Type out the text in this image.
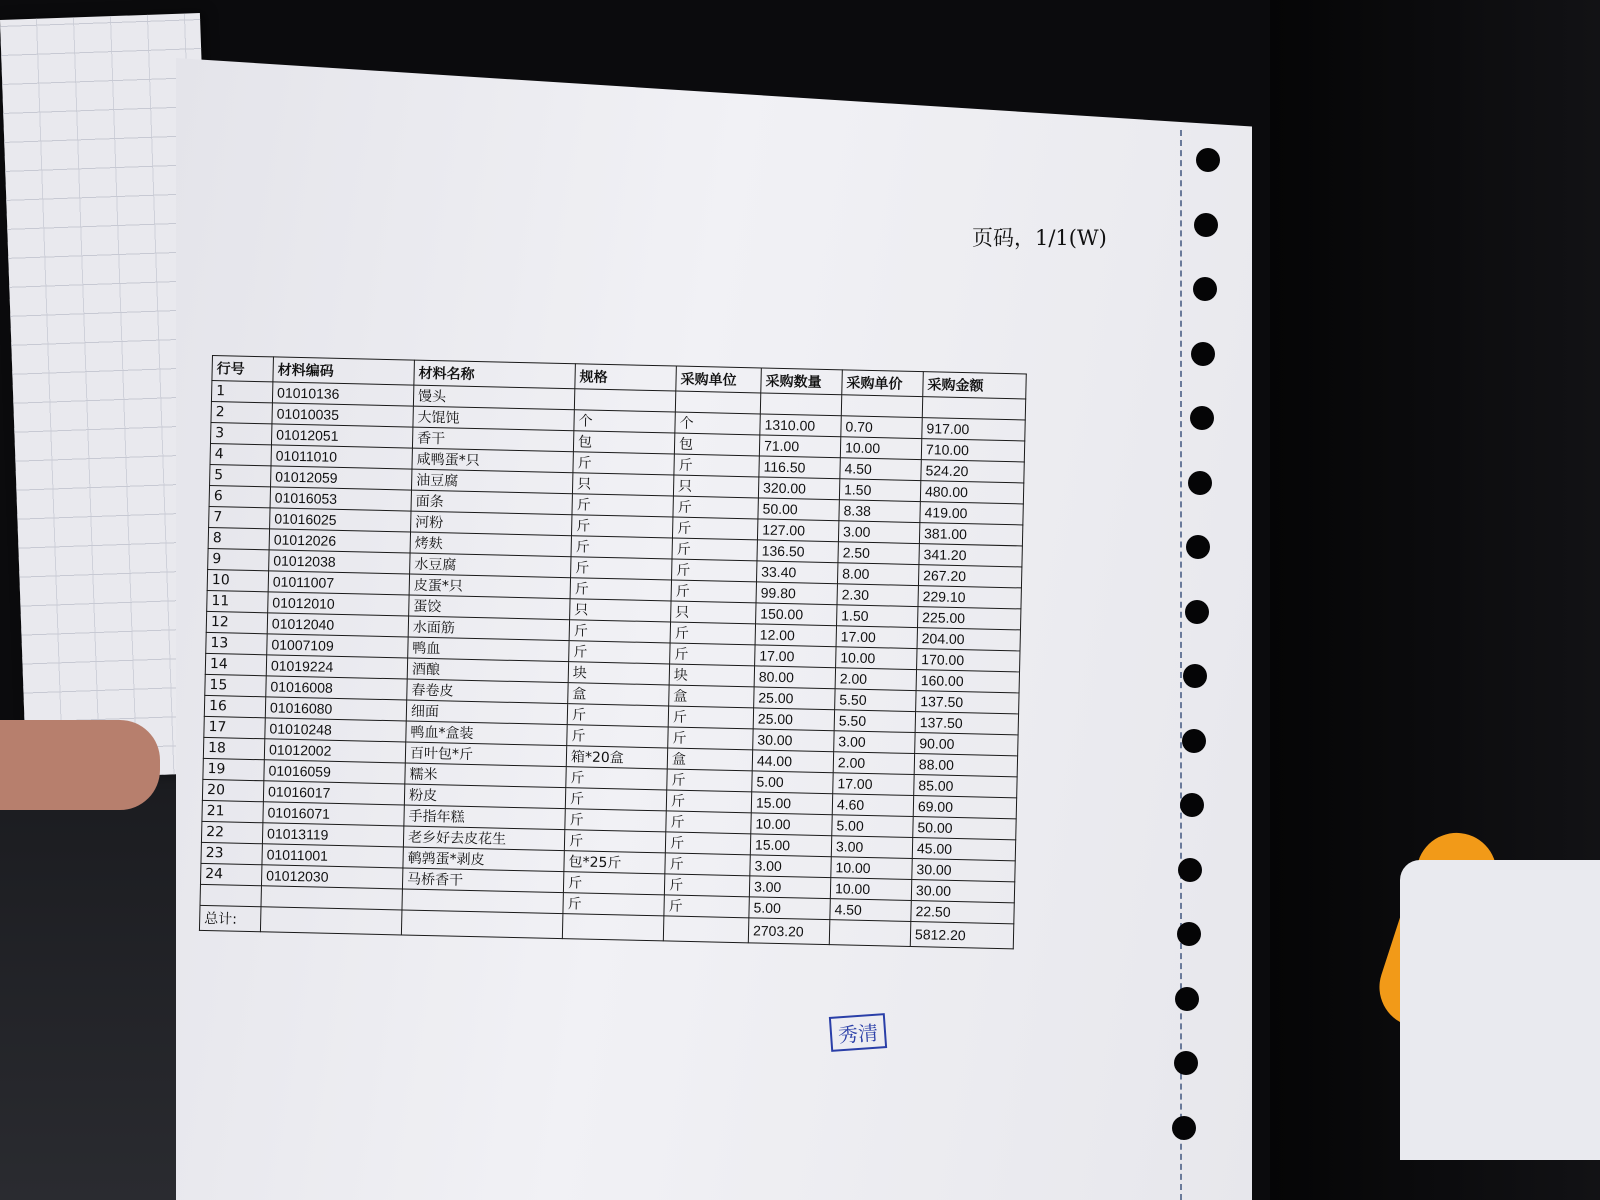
页码，1/1(W)
行号	材料编码	材料名称	规格	采购单位	采购数量	采购单价	采购金额
1	01010136	馒头					
2	01010035	大馄饨	个	个	1310.00	0.70	917.00
3	01012051	香干	包	包	71.00	10.00	710.00
4	01011010	咸鸭蛋*只	斤	斤	116.50	4.50	524.20
5	01012059	油豆腐	只	只	320.00	1.50	480.00
6	01016053	面条	斤	斤	50.00	8.38	419.00
7	01016025	河粉	斤	斤	127.00	3.00	381.00
8	01012026	烤麸	斤	斤	136.50	2.50	341.20
9	01012038	水豆腐	斤	斤	33.40	8.00	267.20
10	01011007	皮蛋*只	斤	斤	99.80	2.30	229.10
11	01012010	蛋饺	只	只	150.00	1.50	225.00
12	01012040	水面筋	斤	斤	12.00	17.00	204.00
13	01007109	鸭血	斤	斤	17.00	10.00	170.00
14	01019224	酒酿	块	块	80.00	2.00	160.00
15	01016008	春卷皮	盒	盒	25.00	5.50	137.50
16	01016080	细面	斤	斤	25.00	5.50	137.50
17	01010248	鸭血*盒装	斤	斤	30.00	3.00	90.00
18	01012002	百叶包*斤	箱*20盒	盒	44.00	2.00	88.00
19	01016059	糯米	斤	斤	5.00	17.00	85.00
20	01016017	粉皮	斤	斤	15.00	4.60	69.00
21	01016071	手指年糕	斤	斤	10.00	5.00	50.00
22	01013119	老乡好去皮花生	斤	斤	15.00	3.00	45.00
23	01011001	鹌鹑蛋*剥皮	包*25斤	斤	3.00	10.00	30.00
24	01012030	马桥香干	斤	斤	3.00	10.00	30.00
			斤	斤	5.00	4.50	22.50
总计:					2703.20		5812.20
秀清
